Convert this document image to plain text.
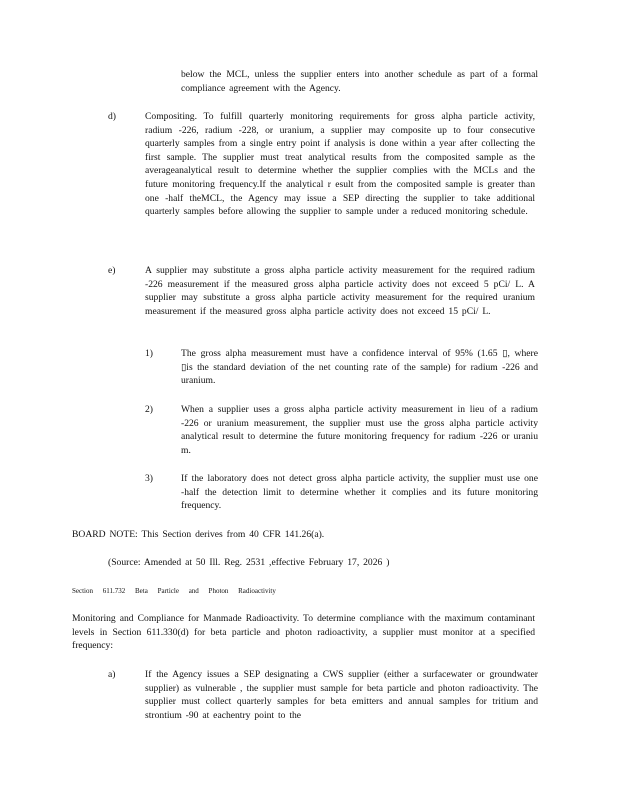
below the MCL, unless the supplier enters into another schedule as part of a formal compliance agreement with the Agency.
d)	Compositing. To fulfill quarterly monitoring requirements for gross alpha particle activity, radium -226, radium -228, or uranium, a supplier may composite up to four consecutive quarterly samples from a single entry point if analysis is done within a year after collecting the first sample. The supplier must treat analytical results from the composited sample as the averageanalytical result to determine whether the supplier complies with the MCLs and the future monitoring frequency.If the analytical r esult from the composited sample is greater than one -half theMCL, the Agency may issue a SEP directing the supplier to take additional quarterly samples before allowing the supplier to sample under a reduced monitoring schedule.
e)	A supplier may substitute a gross alpha particle activity measurement for the required radium -226 measurement if the measured gross alpha particle activity does not exceed 5 pCi/ L. A supplier may substitute a gross alpha particle activity measurement for the required uranium measurement if the measured gross alpha particle activity does not exceed 15 pCi/ L.
1)	The gross alpha measurement must have a confidence interval of 95% (1.65 ▯, where ▯is the standard deviation of the net counting rate of the sample) for radium -226 and uranium.
2)	When a supplier uses a gross alpha particle activity measurement in lieu of a radium -226 or uranium measurement, the supplier must use the gross alpha particle activity analytical result to determine the future monitoring frequency for radium -226 or uraniu m.
3)	If the laboratory does not detect gross alpha particle activity, the supplier must use one -half the detection limit to determine whether it complies and its future monitoring frequency.
BOARD NOTE: This Section derives from 40 CFR 141.26(a).
(Source: Amended at 50 Ill. Reg. 2531 ,effective February 17, 2026 )
Section 611.732 Beta Particle and Photon Radioactivity
Monitoring and Compliance for Manmade Radioactivity. To determine compliance with the maximum contaminant levels in Section 611.330(d) for beta particle and photon radioactivity, a supplier must monitor at a specified frequency:
a)	If the Agency issues a SEP designating a CWS supplier (either a surfacewater or groundwater supplier) as vulnerable , the supplier must sample for beta particle and photon radioactivity. The supplier must collect quarterly samples for beta emitters and annual samples for tritium and strontium -90 at eachentry point to the
